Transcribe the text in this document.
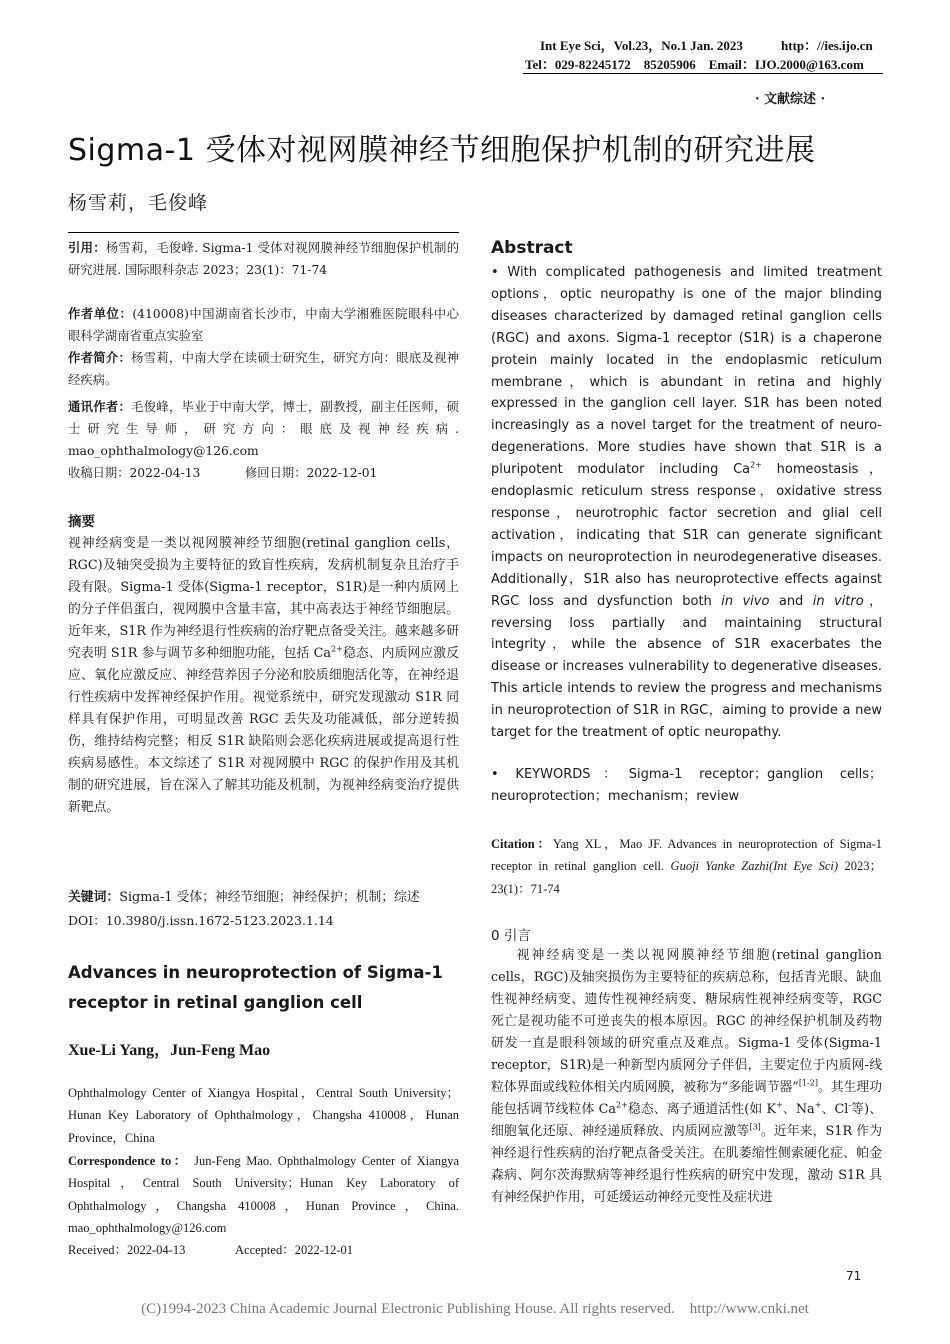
Int Eye Sci，Vol.23，No.1 Jan. 2023	http：//ies.ijo.cn
Tel：029-82245172　85205906　Email：IJO.2000@163.com
· 文献综述 ·
Sigma-1 受体对视网膜神经节细胞保护机制的研究进展
杨雪莉，毛俊峰
引用：杨雪莉，毛俊峰. Sigma-1 受体对视网膜神经节细胞保护机制的研究进展. 国际眼科杂志 2023；23(1)：71-74
作者单位：(410008)中国湖南省长沙市，中南大学湘雅医院眼科中心 眼科学湖南省重点实验室
作者简介：杨雪莉，中南大学在读硕士研究生，研究方向：眼底及视神经疾病。
通讯作者：毛俊峰，毕业于中南大学，博士，副教授，副主任医师，硕士研究生导师，研究方向：眼底及视神经疾病. mao_ophthalmology@126.com
收稿日期：2022-04-13	修回日期：2022-12-01
摘要
视神经病变是一类以视网膜神经节细胞(retinal ganglion cells，RGC)及轴突受损为主要特征的致盲性疾病，发病机制复杂且治疗手段有限。Sigma-1 受体(Sigma-1 receptor，S1R)是一种内质网上的分子伴侣蛋白，视网膜中含量丰富，其中高表达于神经节细胞层。近年来，S1R 作为神经退行性疾病的治疗靶点备受关注。越来越多研究表明 S1R 参与调节多种细胞功能，包括 $Ca^{2+}$稳态、内质网应激反应、氧化应激反应、神经营养因子分泌和胶质细胞活化等，在神经退行性疾病中发挥神经保护作用。视觉系统中，研究发现激动 S1R 同样具有保护作用，可明显改善 RGC 丢失及功能减低，部分逆转损伤，维持结构完整；相反 S1R 缺陷则会恶化疾病进展或提高退行性疾病易感性。本文综述了 S1R 对视网膜中 RGC 的保护作用及其机制的研究进展，旨在深入了解其功能及机制，为视神经病变治疗提供新靶点。
关键词：Sigma-1 受体；神经节细胞；神经保护；机制；综述
DOI：10.3980/j.issn.1672-5123.2023.1.14
Advances in neuroprotection of Sigma-1 receptor in retinal ganglion cell
Xue-Li Yang，Jun-Feng Mao
Ophthalmology Center of Xiangya Hospital，Central South University；Hunan Key Laboratory of Ophthalmology，Changsha 410008，Hunan Province，China
Correspondence to： Jun-Feng Mao. Ophthalmology Center of Xiangya Hospital，Central South University；Hunan Key Laboratory of Ophthalmology，Changsha 410008，Hunan Province，China. mao_ophthalmology@126.com
Received：2022-04-13	Accepted：2022-12-01
Abstract
• With complicated pathogenesis and limited treatment options，optic neuropathy is one of the major blinding diseases characterized by damaged retinal ganglion cells (RGC) and axons. Sigma-1 receptor (S1R) is a chaperone protein mainly located in the endoplasmic reticulum membrane，which is abundant in retina and highly expressed in the ganglion cell layer. S1R has been noted increasingly as a novel target for the treatment of neuro-degenerations. More studies have shown that S1R is a pluripotent modulator including $Ca^{2+}$ homeostasis，endoplasmic reticulum stress response，oxidative stress response，neurotrophic factor secretion and glial cell activation，indicating that S1R can generate significant impacts on neuroprotection in neurodegenerative diseases. Additionally，S1R also has neuroprotective effects against RGC loss and dysfunction both in vivo and in vitro，reversing loss partially and maintaining structural integrity，while the absence of S1R exacerbates the disease or increases vulnerability to degenerative diseases. This article intends to review the progress and mechanisms in neuroprotection of S1R in RGC，aiming to provide a new target for the treatment of optic neuropathy.
• KEYWORDS：Sigma-1 receptor；ganglion cells；neuroprotection；mechanism；review
Citation：Yang XL，Mao JF. Advances in neuroprotection of Sigma-1 receptor in retinal ganglion cell. Guoji Yanke Zazhi(Int Eye Sci) 2023；23(1)：71-74
0 引言
视神经病变是一类以视网膜神经节细胞(retinal ganglion cells，RGC)及轴突损伤为主要特征的疾病总称，包括青光眼、缺血性视神经病变、遗传性视神经病变、糖尿病性视神经病变等，RGC 死亡是视功能不可逆丧失的根本原因。RGC 的神经保护机制及药物研发一直是眼科领域的研究重点及难点。Sigma-1 受体(Sigma-1 receptor，S1R)是一种新型内质网分子伴侣，主要定位于内质网-线粒体界面或线粒体相关内质网膜，被称为“多能调节器”[1-2]。其生理功能包括调节线粒体 $Ca^{2+}$稳态、离子通道活性(如 K+、Na+、Cl-等)、细胞氧化还原、神经递质释放、内质网应激等[3]。近年来，S1R 作为神经退行性疾病的治疗靶点备受关注。在肌萎缩性侧索硬化症、帕金森病、阿尔茨海默病等神经退行性疾病的研究中发现，激动 S1R 具有神经保护作用，可延缓运动神经元变性及症状进
71
(C)1994-2023 China Academic Journal Electronic Publishing House. All rights reserved.　http://www.cnki.net
